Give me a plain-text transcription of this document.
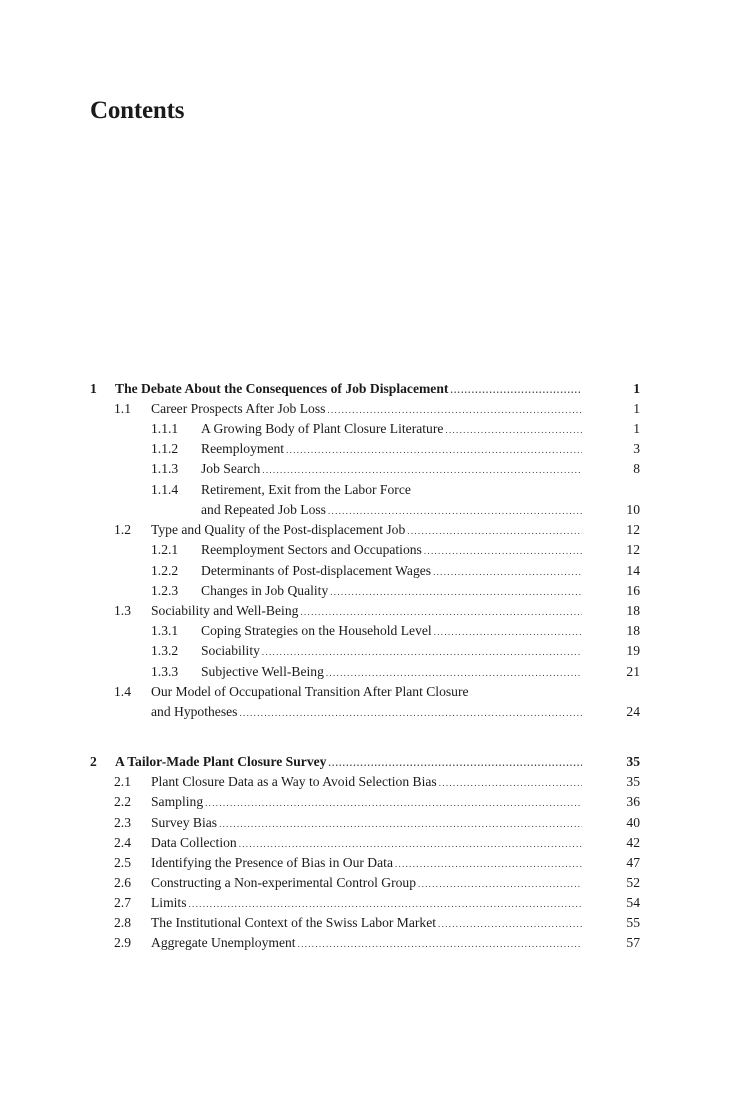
Contents
1 The Debate About the Consequences of Job Displacement .....	1
1.1 Career Prospects After Job Loss .....	1
1.1.1 A Growing Body of Plant Closure Literature .....	1
1.1.2 Reemployment .....	3
1.1.3 Job Search .....	8
1.1.4 Retirement, Exit from the Labor Force
and Repeated Job Loss .....	10
1.2 Type and Quality of the Post-displacement Job .....	12
1.2.1 Reemployment Sectors and Occupations .....	12
1.2.2 Determinants of Post-displacement Wages .....	14
1.2.3 Changes in Job Quality .....	16
1.3 Sociability and Well-Being .....	18
1.3.1 Coping Strategies on the Household Level .....	18
1.3.2 Sociability .....	19
1.3.3 Subjective Well-Being .....	21
1.4 Our Model of Occupational Transition After Plant Closure
and Hypotheses .....	24
2 A Tailor-Made Plant Closure Survey .....	35
2.1 Plant Closure Data as a Way to Avoid Selection Bias .....	35
2.2 Sampling .....	36
2.3 Survey Bias .....	40
2.4 Data Collection .....	42
2.5 Identifying the Presence of Bias in Our Data .....	47
2.6 Constructing a Non-experimental Control Group .....	52
2.7 Limits .....	54
2.8 The Institutional Context of the Swiss Labor Market .....	55
2.9 Aggregate Unemployment .....	57
